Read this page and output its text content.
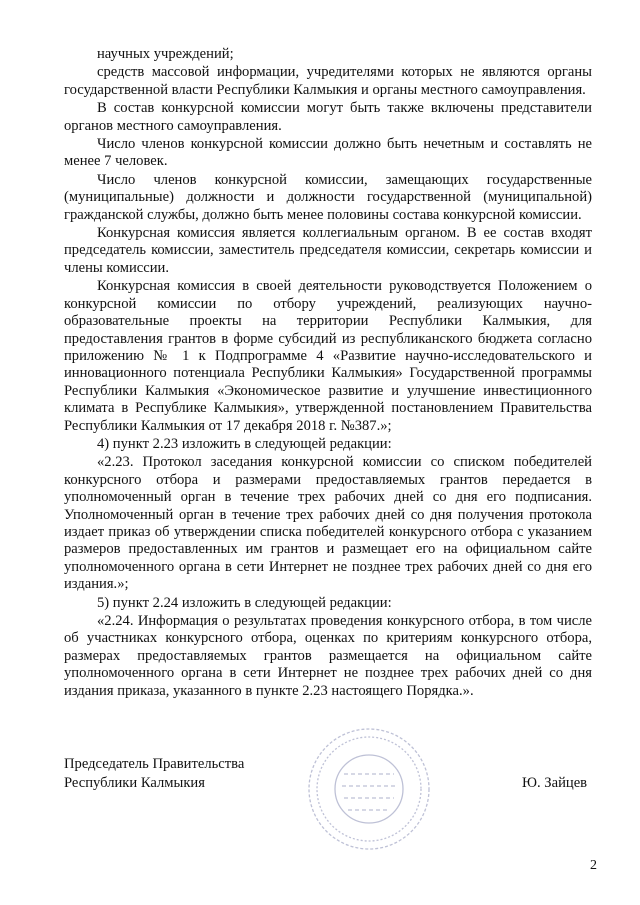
научных учреждений;

средств массовой информации, учредителями которых не являются органы государственной власти Республики Калмыкия и органы местного самоуправления.

В состав конкурсной комиссии могут быть также включены представители органов местного самоуправления.

Число членов конкурсной комиссии должно быть нечетным и составлять не менее 7 человек.

Число членов конкурсной комиссии, замещающих государственные (муниципальные) должности и должности государственной (муниципальной) гражданской службы, должно быть менее половины состава конкурсной комиссии.

Конкурсная комиссия является коллегиальным органом. В ее состав входят председатель комиссии, заместитель председателя комиссии, секретарь комиссии и члены комиссии.

Конкурсная комиссия в своей деятельности руководствуется Положением о конкурсной комиссии по отбору учреждений, реализующих научно-образовательные проекты на территории Республики Калмыкия, для предоставления грантов в форме субсидий из республиканского бюджета согласно приложению № 1 к Подпрограмме 4 «Развитие научно-исследовательского и инновационного потенциала Республики Калмыкия» Государственной программы Республики Калмыкия «Экономическое развитие и улучшение инвестиционного климата в Республике Калмыкия», утвержденной постановлением Правительства Республики Калмыкия от 17 декабря 2018 г. №387.»;

4) пункт 2.23 изложить в следующей редакции:

«2.23. Протокол заседания конкурсной комиссии со списком победителей конкурсного отбора и размерами предоставляемых грантов передается в уполномоченный орган в течение трех рабочих дней со дня его подписания. Уполномоченный орган в течение трех рабочих дней со дня получения протокола издает приказ об утверждении списка победителей конкурсного отбора с указанием размеров предоставленных им грантов и размещает его на официальном сайте уполномоченного органа в сети Интернет не позднее трех рабочих дней со дня его издания.»;

5) пункт 2.24 изложить в следующей редакции:

«2.24. Информация о результатах проведения конкурсного отбора, в том числе об участниках конкурсного отбора, оценках по критериям конкурсного отбора, размерах предоставляемых грантов размещается на официальном сайте уполномоченного органа в сети Интернет не позднее трех рабочих дней со дня издания приказа, указанного в пункте 2.23 настоящего Порядка.».

Председатель Правительства
Республики Калмыкия	Ю. Зайцев
2
